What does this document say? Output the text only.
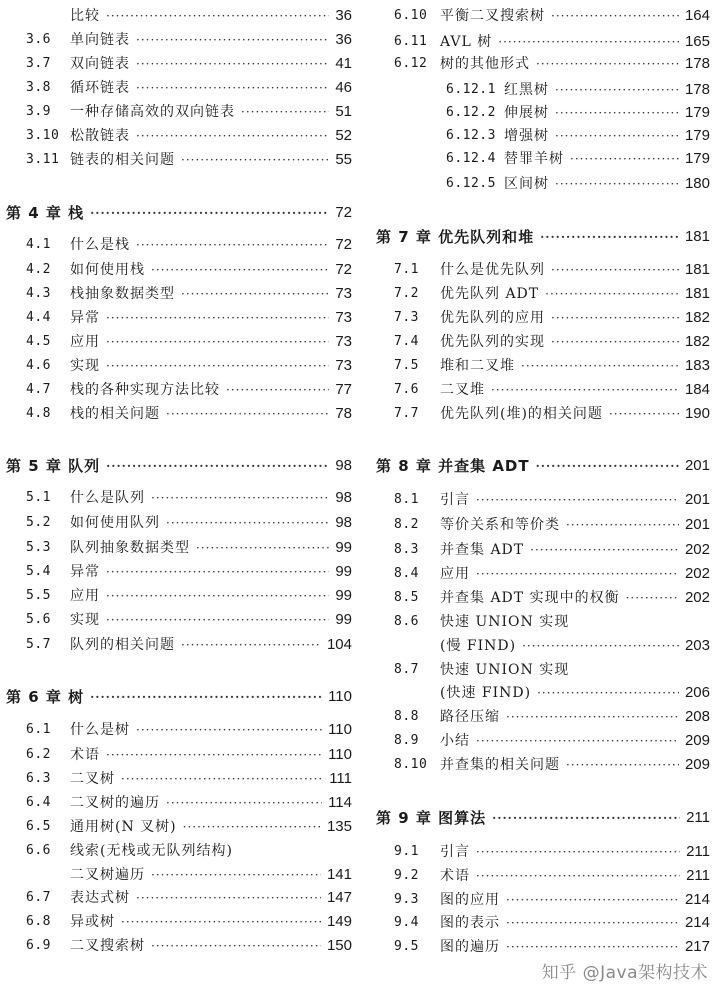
比较 ·····	36
3.6	单向链表 ·····	36
3.7	双向链表 ·····	41
3.8	循环链表 ·····	46
3.9	一种存储高效的双向链表 ·····	51
3.10 松散链表 ·····	52
3.11 链表的相关问题 ·····	55
第 4 章 栈 ·····	72
4.1	什么是栈 ·····	72
4.2	如何使用栈 ·····	72
4.3	栈抽象数据类型 ·····	73
4.4	异常 ·····	73
4.5	应用 ·····	73
4.6	实现 ·····	73
4.7	栈的各种实现方法比较 ·····	77
4.8	栈的相关问题 ·····	78
第 5 章 队列 ·····	98
5.1	什么是队列 ·····	98
5.2	如何使用队列 ·····	98
5.3	队列抽象数据类型 ·····	99
5.4	异常 ·····	99
5.5	应用 ·····	99
5.6	实现 ·····	99
5.7	队列的相关问题 ·····	104
第 6 章 树 ·····	110
6.1	什么是树 ·····	110
6.2	术语 ·····	110
6.3	二叉树 ·····	111
6.4	二叉树的遍历 ·····	114
6.5	通用树(N 叉树) ·····	135
6.6	线索(无栈或无队列结构)
二叉树遍历 ·····	141
6.7	表达式树 ·····	147
6.8	异或树 ·····	149
6.9	二叉搜索树 ·····	150
6.10 平衡二叉搜索树 ·····	164
6.11 AVL 树 ·····	165
6.12 树的其他形式 ·····	178
6.12.1 红黑树 ·····	178
6.12.2 伸展树 ·····	179
6.12.3 增强树 ·····	179
6.12.4 替罪羊树 ·····	179
6.12.5 区间树 ·····	180
第 7 章 优先队列和堆 ·····	181
7.1	什么是优先队列 ·····	181
7.2	优先队列 ADT ·····	181
7.3	优先队列的应用 ·····	182
7.4	优先队列的实现 ·····	182
7.5	堆和二叉堆 ·····	183
7.6	二叉堆 ·····	184
7.7	优先队列(堆)的相关问题 ·····	190
第 8 章 并查集 ADT ·····	201
8.1	引言 ·····	201
8.2	等价关系和等价类 ·····	201
8.3	并查集 ADT ·····	202
8.4	应用 ·····	202
8.5	并查集 ADT 实现中的权衡 ·····	202
8.6	快速 UNION 实现
(慢 FIND) ·····	203
8.7	快速 UNION 实现
(快速 FIND) ·····	206
8.8	路径压缩 ·····	208
8.9	小结 ·····	209
8.10 并查集的相关问题 ·····	209
第 9 章 图算法 ·····	211
9.1	引言 ·····	211
9.2	术语 ·····	211
9.3	图的应用 ·····	214
9.4	图的表示 ·····	214
9.5	图的遍历 ·····	217
知乎 @Java架构技术
